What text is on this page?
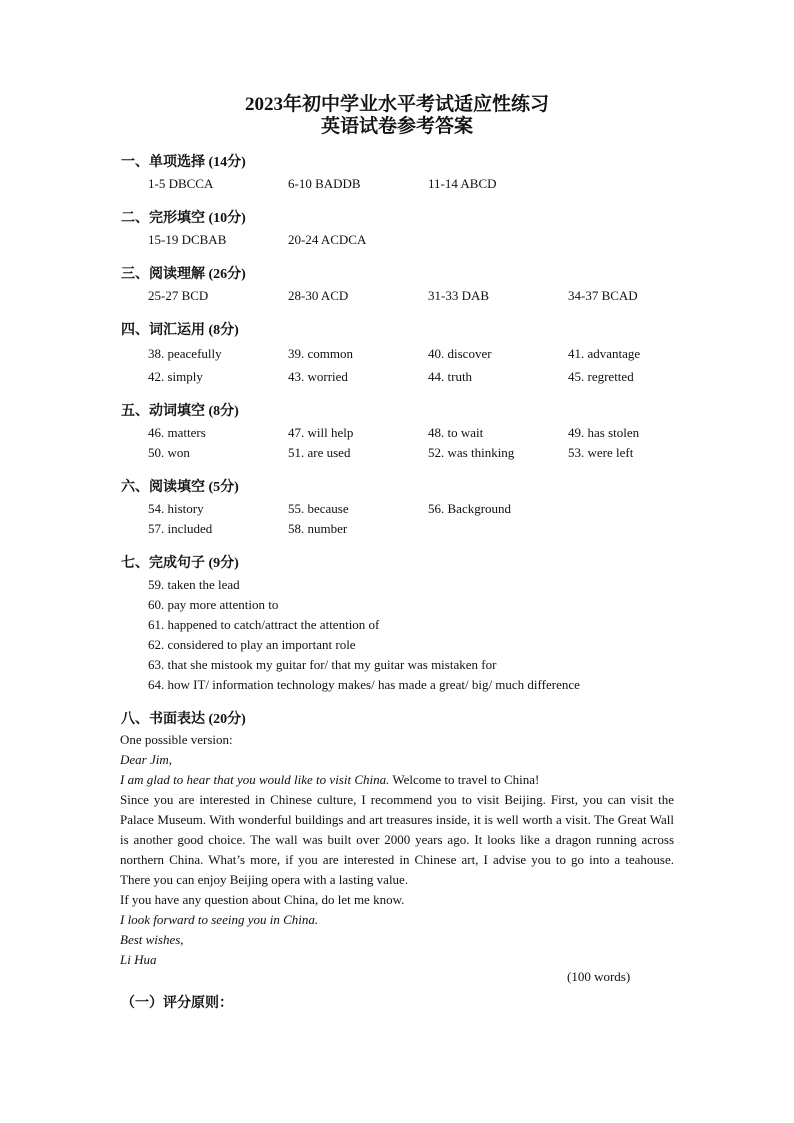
2023年初中学业水平考试适应性练习
英语试卷参考答案
一、单项选择 (14分)
1-5 DBCCA	6-10 BADDB	11-14 ABCD
二、完形填空 (10分)
15-19 DCBAB	20-24 ACDCA
三、阅读理解 (26分)
25-27 BCD	28-30 ACD	31-33 DAB	34-37 BCAD
四、词汇运用 (8分)
38. peacefully	39. common	40. discover	41. advantage
42. simply	43. worried	44. truth	45. regretted
五、动词填空 (8分)
46. matters	47. will help	48. to wait	49. has stolen
50. won	51. are used	52. was thinking	53. were left
六、阅读填空 (5分)
54. history	55. because	56. Background
57. included	58. number
七、完成句子 (9分)
59. taken the lead
60. pay more attention to
61. happened to catch/attract the attention of
62. considered to play an important role
63. that she mistook my guitar for/ that my guitar was mistaken for
64. how IT/ information technology makes/ has made a great/ big/ much difference
八、书面表达 (20分)

One possible version:

Dear Jim,

I am glad to hear that you would like to visit China. Welcome to travel to China!

Since you are interested in Chinese culture, I recommend you to visit Beijing. First, you can visit the Palace Museum. With wonderful buildings and art treasures inside, it is well worth a visit. The Great Wall is another good choice. The wall was built over 2000 years ago. It looks like a dragon running across northern China. What’s more, if you are interested in Chinese art, I advise you to go into a teahouse. There you can enjoy Beijing opera with a lasting value.

If you have any question about China, do let me know.

I look forward to seeing you in China.

Best wishes,

Li Hua

(100 words)
（一）评分原则：
